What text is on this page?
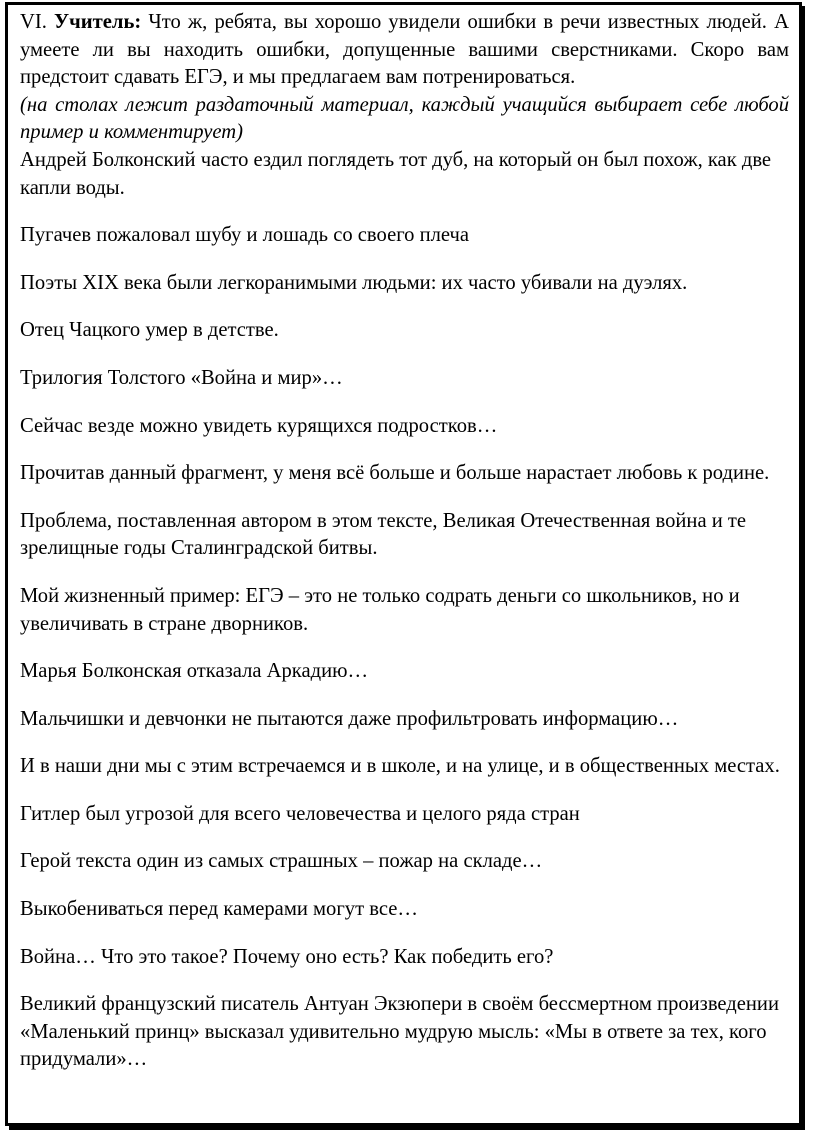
VI. Учитель: Что ж, ребята, вы хорошо увидели ошибки в речи известных людей. А умеете ли вы находить ошибки, допущенные вашими сверстниками. Скоро вам предстоит сдавать ЕГЭ, и мы предлагаем вам потренироваться.

(на столах лежит раздаточный материал, каждый учащийся выбирает себе любой пример и комментирует)

Андрей Болконский часто ездил поглядеть тот дуб, на который он был похож, как две капли воды.

Пугачев пожаловал шубу и лошадь со своего плеча

Поэты XIX века были легкоранимыми людьми: их часто убивали на дуэлях.

Отец Чацкого умер в детстве.

Трилогия Толстого «Война и мир»…

Сейчас везде можно увидеть курящихся подростков…

Прочитав данный фрагмент, у меня всё больше и больше нарастает любовь к родине.

Проблема, поставленная автором в этом тексте, Великая Отечественная война и те зрелищные годы Сталинградской битвы.

Мой жизненный пример: ЕГЭ – это не только содрать деньги со школьников, но и увеличивать в стране дворников.

Марья Болконская отказала Аркадию…

Мальчишки и девчонки не пытаются даже профильтровать информацию…

И в наши дни мы с этим встречаемся и в школе, и на улице, и в общественных местах.

Гитлер был угрозой для всего человечества и целого ряда стран

Герой текста один из самых страшных – пожар на складе…

Выкобениваться перед камерами могут все…

Война… Что это такое? Почему оно есть? Как победить его?

Великий французский писатель Антуан Экзюпери в своём бессмертном произведении «Маленький принц» высказал удивительно мудрую мысль: «Мы в ответе за тех, кого придумали»…
